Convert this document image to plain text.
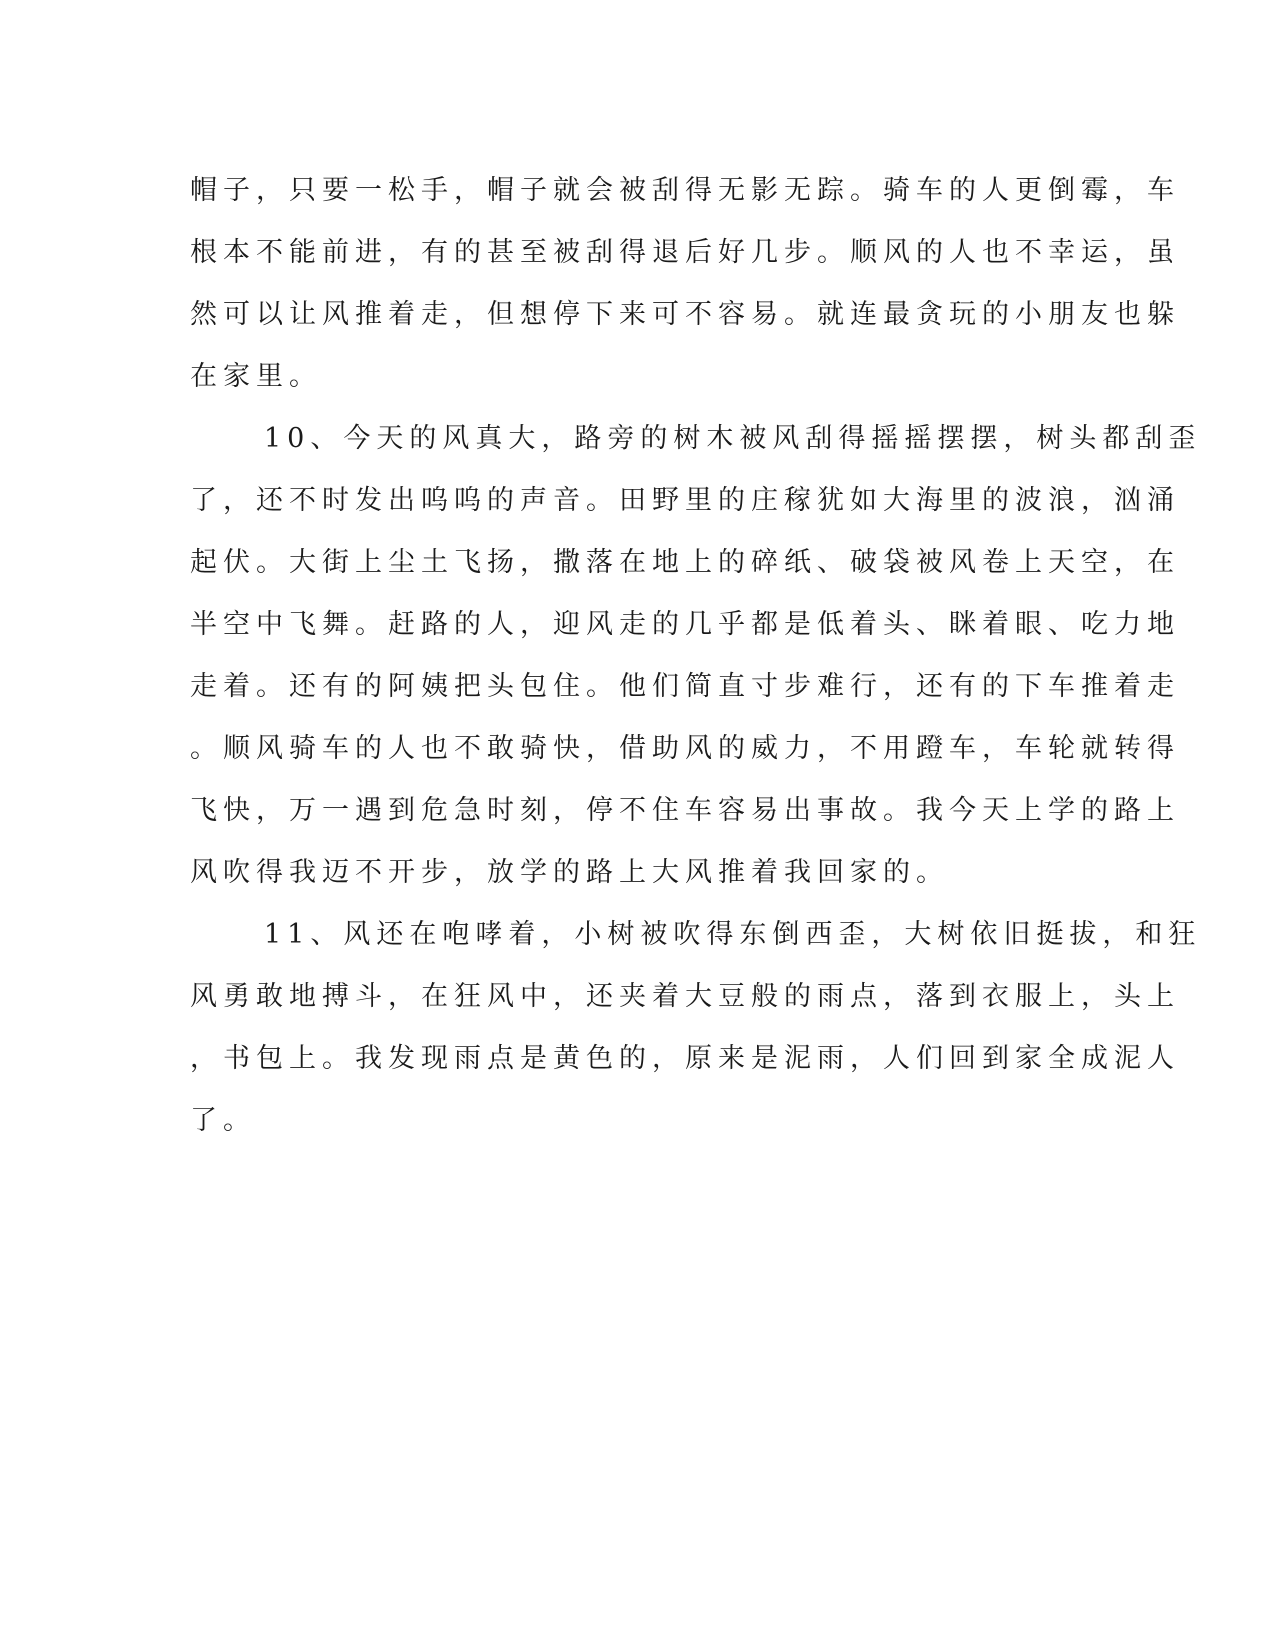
帽子，只要一松手，帽子就会被刮得无影无踪。骑车的人更倒霉，车
根本不能前进，有的甚至被刮得退后好几步。顺风的人也不幸运，虽
然可以让风推着走，但想停下来可不容易。就连最贪玩的小朋友也躲
在家里。
10、今天的风真大，路旁的树木被风刮得摇摇摆摆，树头都刮歪
了，还不时发出呜呜的声音。田野里的庄稼犹如大海里的波浪，汹涌
起伏。大街上尘土飞扬，撒落在地上的碎纸、破袋被风卷上天空，在
半空中飞舞。赶路的人，迎风走的几乎都是低着头、眯着眼、吃力地
走着。还有的阿姨把头包住。他们简直寸步难行，还有的下车推着走
。顺风骑车的人也不敢骑快，借助风的威力，不用蹬车，车轮就转得
飞快，万一遇到危急时刻，停不住车容易出事故。我今天上学的路上
风吹得我迈不开步，放学的路上大风推着我回家的。
11、风还在咆哮着，小树被吹得东倒西歪，大树依旧挺拔，和狂
风勇敢地搏斗，在狂风中，还夹着大豆般的雨点，落到衣服上，头上
，书包上。我发现雨点是黄色的，原来是泥雨，人们回到家全成泥人
了。
